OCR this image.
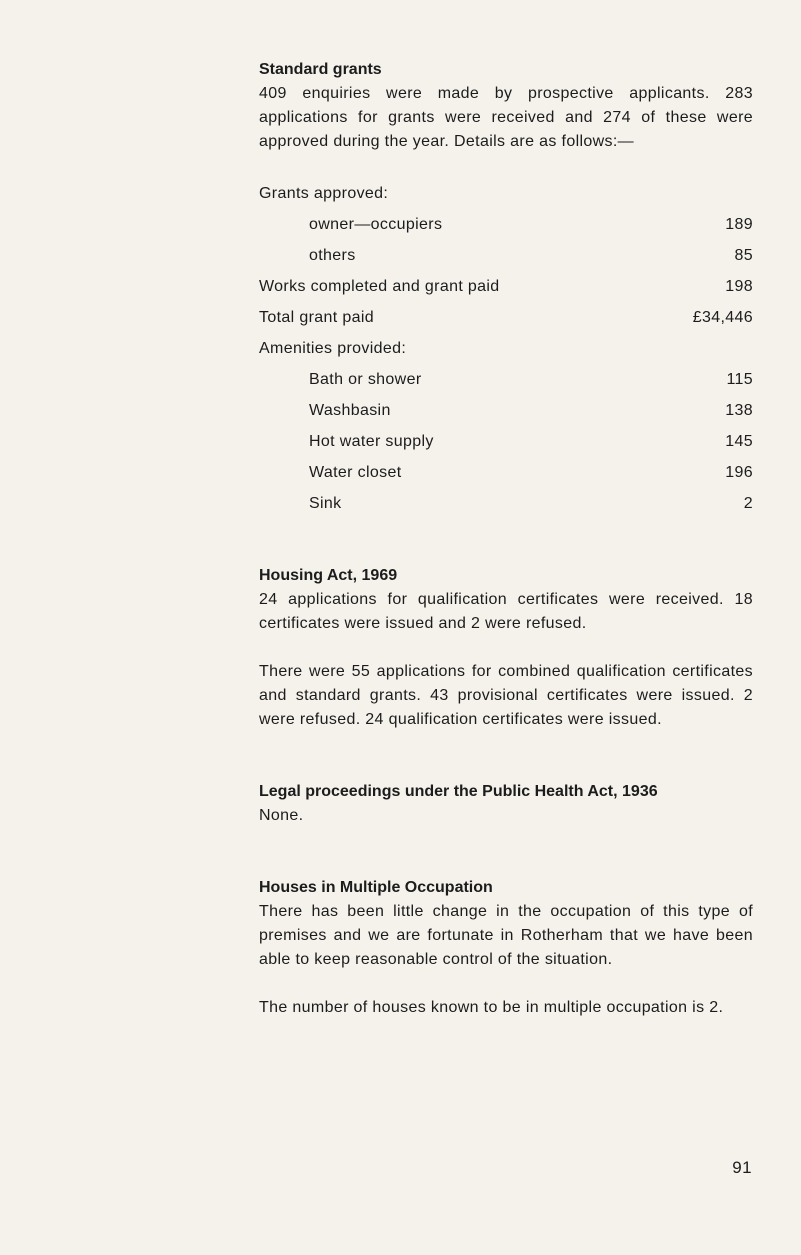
Standard grants

409 enquiries were made by prospective applicants. 283 applications for grants were received and 274 of these were approved during the year. Details are as follows:—

Grants approved:
owner—occupiers	189
others	85
Works completed and grant paid	198
Total grant paid	£34,446
Amenities provided:
Bath or shower	115
Washbasin	138
Hot water supply	145
Water closet	196
Sink	2

Housing Act, 1969

24 applications for qualification certificates were received. 18 certificates were issued and 2 were refused.

There were 55 applications for combined qualification certificates and standard grants. 43 provisional certificates were issued. 2 were refused. 24 qualification certificates were issued.

Legal proceedings under the Public Health Act, 1936

None.

Houses in Multiple Occupation

There has been little change in the occupation of this type of premises and we are fortunate in Rotherham that we have been able to keep reasonable control of the situation.

The number of houses known to be in multiple occupation is 2.

91
